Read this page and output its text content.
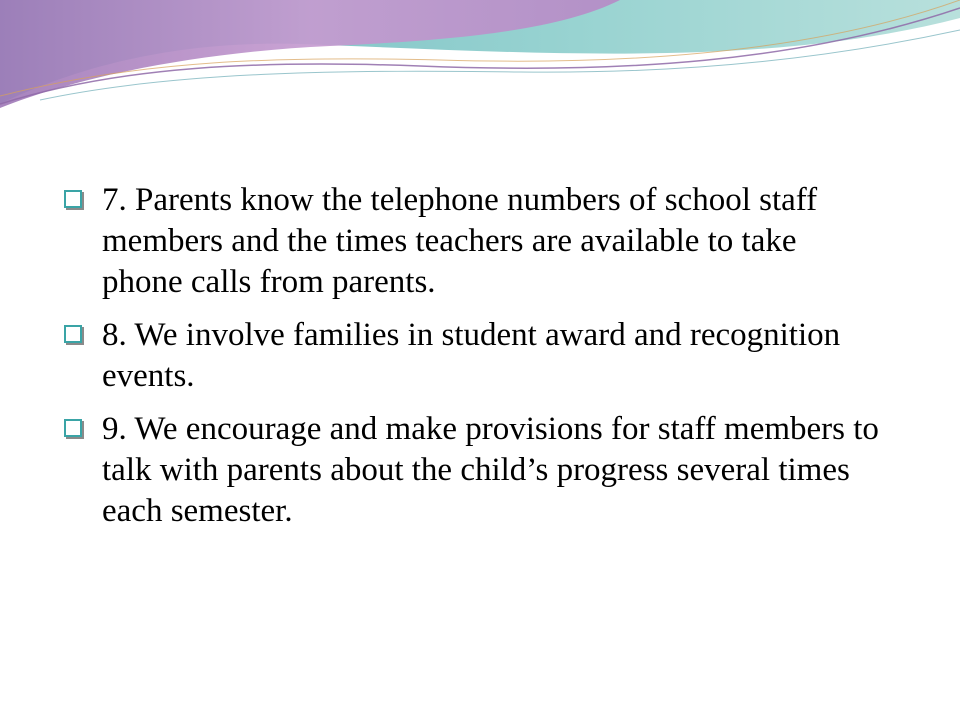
7. Parents know the telephone numbers of school staff members and the times teachers are available to take phone calls from parents.
8. We involve families in student award and recognition events.
9. We encourage and make provisions for staff members to talk with parents about the child’s progress several times each semester.
